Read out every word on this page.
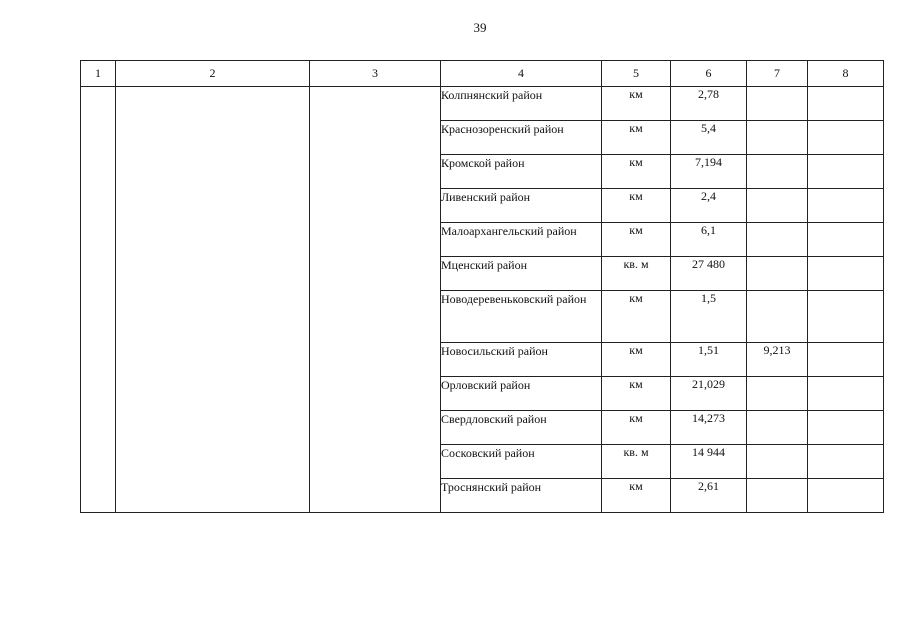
39
1	2	3	4	5	6	7	8
			Колпнянский район	км	2,78		
			Краснозоренский район	км	5,4		
			Кромской район	км	7,194		
			Ливенский район	км	2,4		
			Малоархангельский район	км	6,1		
			Мценский район	кв. м	27 480		
			Новодеревеньковский район	км	1,5		
			Новосильский район	км	1,51	9,213	
			Орловский район	км	21,029		
			Свердловский район	км	14,273		
			Сосковский район	кв. м	14 944		
			Троснянский район	км	2,61		
